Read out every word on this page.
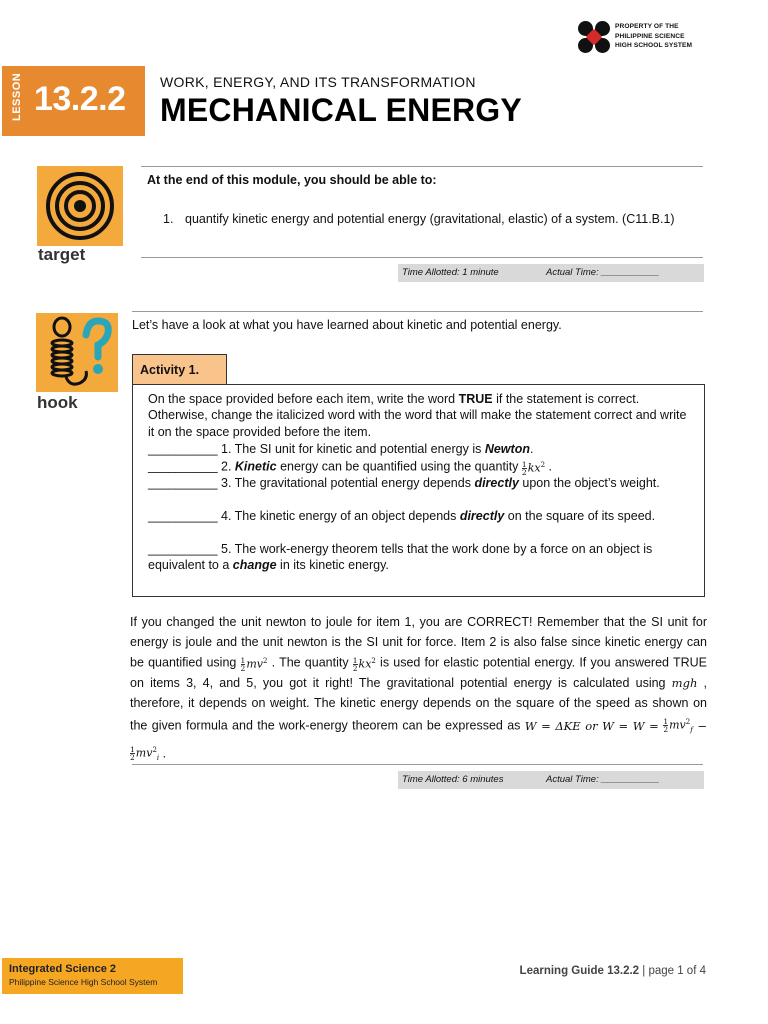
PROPERTY OF THE
PHILIPPINE SCIENCE
HIGH SCHOOL SYSTEM
LESSON 13.2.2 WORK, ENERGY, AND ITS TRANSFORMATION
MECHANICAL ENERGY
target
At the end of this module, you should be able to:
1. quantify kinetic energy and potential energy (gravitational, elastic) of a system. (C11.B.1)
Time Allotted: 1 minute	Actual Time: ___________
hook
Let’s have a look at what you have learned about kinetic and potential energy.
Activity 1.

On the space provided before each item, write the word TRUE if the statement is correct. Otherwise, change the italicized word with the word that will make the statement correct and write it on the space provided before the item.

__________ 1. The SI unit for kinetic and potential energy is Newton.

__________ 2. Kinetic energy can be quantified using the quantity $\frac{1}{2} kx^2$ .

__________ 3. The gravitational potential energy depends directly upon the object’s weight.

__________ 4. The kinetic energy of an object depends directly on the square of its speed.

__________ 5. The work-energy theorem tells that the work done by a force on an object is equivalent to a change in its kinetic energy.

If you changed the unit newton to joule for item 1, you are CORRECT! Remember that the SI unit for energy is joule and the unit newton is the SI unit for force. Item 2 is also false since kinetic energy can be quantified using $\frac{1}{2} mv^2$ . The quantity $\frac{1}{2} kx^2$ is used for elastic potential energy. If you answered TRUE on items 3, 4, and 5, you got it right! The gravitational potential energy is calculated using mgh , therefore, it depends on weight. The kinetic energy depends on the square of the speed as shown on the given formula and the work-energy theorem can be expressed as W = ΔKE or $W = W = \frac{1}{2} mv^2_f$ −
$\frac{1}{2} mv^2_i$ .
Time Allotted: 6 minutes	Actual Time: ___________
Integrated Science 2
Philippine Science High School System
Learning Guide 13.2.2 | page 1 of 4
